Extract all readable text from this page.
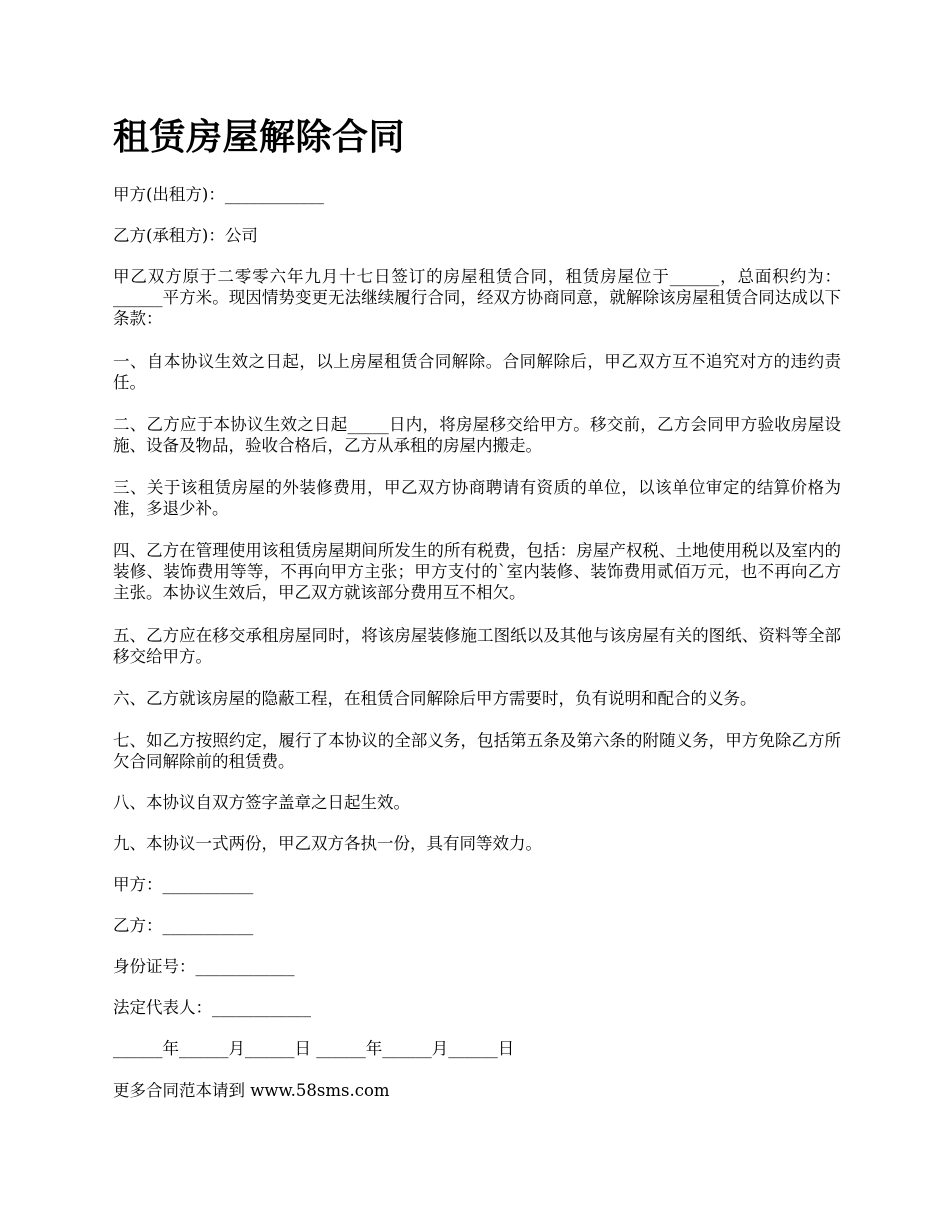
租赁房屋解除合同

甲方(出租方)：____________

乙方(承租方)：公司

甲乙双方原于二零零六年九月十七日签订的房屋租赁合同，租赁房屋位于______，总面积约为：______平方米。现因情势变更无法继续履行合同，经双方协商同意，就解除该房屋租赁合同达成以下条款：

一、自本协议生效之日起，以上房屋租赁合同解除。合同解除后，甲乙双方互不追究对方的违约责任。

二、乙方应于本协议生效之日起_____日内，将房屋移交给甲方。移交前，乙方会同甲方验收房屋设施、设备及物品，验收合格后，乙方从承租的房屋内搬走。

三、关于该租赁房屋的外装修费用，甲乙双方协商聘请有资质的单位，以该单位审定的结算价格为准，多退少补。

四、乙方在管理使用该租赁房屋期间所发生的所有税费，包括：房屋产权税、土地使用税以及室内的装修、装饰费用等等，不再向甲方主张；甲方支付的`室内装修、装饰费用贰佰万元，也不再向乙方主张。本协议生效后，甲乙双方就该部分费用互不相欠。

五、乙方应在移交承租房屋同时，将该房屋装修施工图纸以及其他与该房屋有关的图纸、资料等全部移交给甲方。

六、乙方就该房屋的隐蔽工程，在租赁合同解除后甲方需要时，负有说明和配合的义务。

七、如乙方按照约定，履行了本协议的全部义务，包括第五条及第六条的附随义务，甲方免除乙方所欠合同解除前的租赁费。

八、本协议自双方签字盖章之日起生效。

九、本协议一式两份，甲乙双方各执一份，具有同等效力。

甲方：___________

乙方：___________

身份证号：____________

法定代表人：____________

______年______月______日 ______年______月______日

更多合同范本请到 www.58sms.com
